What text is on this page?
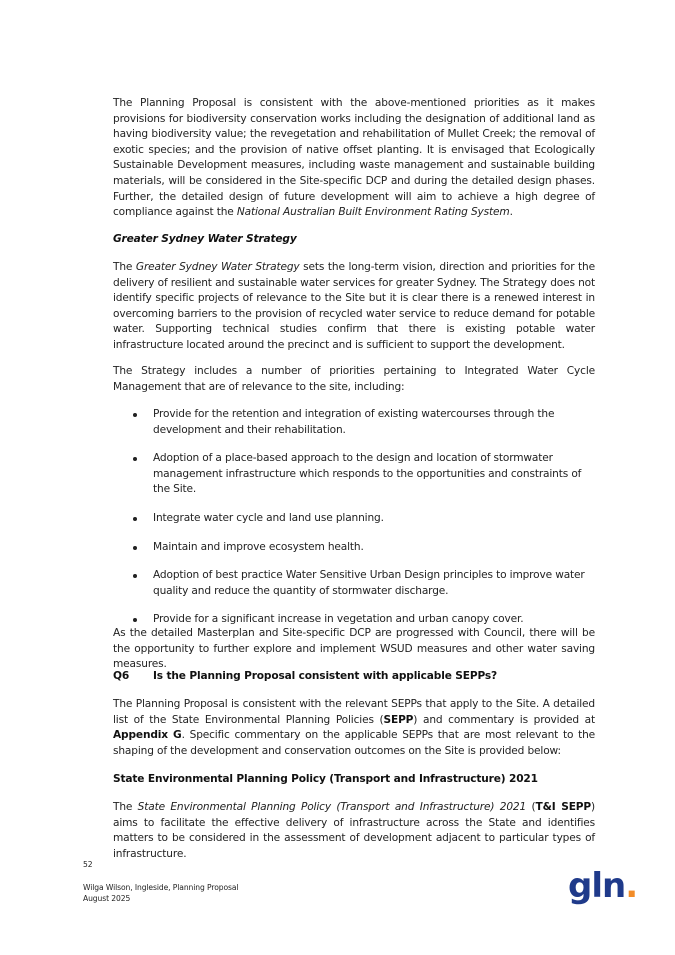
The Planning Proposal is consistent with the above-mentioned priorities as it makes provisions for biodiversity conservation works including the designation of additional land as having biodiversity value; the revegetation and rehabilitation of Mullet Creek; the removal of exotic species; and the provision of native offset planting. It is envisaged that Ecologically Sustainable Development measures, including waste management and sustainable building materials, will be considered in the Site-specific DCP and during the detailed design phases. Further, the detailed design of future development will aim to achieve a high degree of compliance against the National Australian Built Environment Rating System.
Greater Sydney Water Strategy
The Greater Sydney Water Strategy sets the long-term vision, direction and priorities for the delivery of resilient and sustainable water services for greater Sydney. The Strategy does not identify specific projects of relevance to the Site but it is clear there is a renewed interest in overcoming barriers to the provision of recycled water service to reduce demand for potable water. Supporting technical studies confirm that there is existing potable water infrastructure located around the precinct and is sufficient to support the development.
The Strategy includes a number of priorities pertaining to Integrated Water Cycle Management that are of relevance to the site, including:
Provide for the retention and integration of existing watercourses through the development and their rehabilitation.
Adoption of a place-based approach to the design and location of stormwater management infrastructure which responds to the opportunities and constraints of the Site.
Integrate water cycle and land use planning.
Maintain and improve ecosystem health.
Adoption of best practice Water Sensitive Urban Design principles to improve water quality and reduce the quantity of stormwater discharge.
Provide for a significant increase in vegetation and urban canopy cover.
As the detailed Masterplan and Site-specific DCP are progressed with Council, there will be the opportunity to further explore and implement WSUD measures and other water saving measures.
Q6 Is the Planning Proposal consistent with applicable SEPPs?
The Planning Proposal is consistent with the relevant SEPPs that apply to the Site. A detailed list of the State Environmental Planning Policies (SEPP) and commentary is provided at Appendix G. Specific commentary on the applicable SEPPs that are most relevant to the shaping of the development and conservation outcomes on the Site is provided below:
State Environmental Planning Policy (Transport and Infrastructure) 2021
The State Environmental Planning Policy (Transport and Infrastructure) 2021 (T&I SEPP) aims to facilitate the effective delivery of infrastructure across the State and identifies matters to be considered in the assessment of development adjacent to particular types of infrastructure.
52
Wilga Wilson, Ingleside, Planning Proposal
August 2025	gln.
